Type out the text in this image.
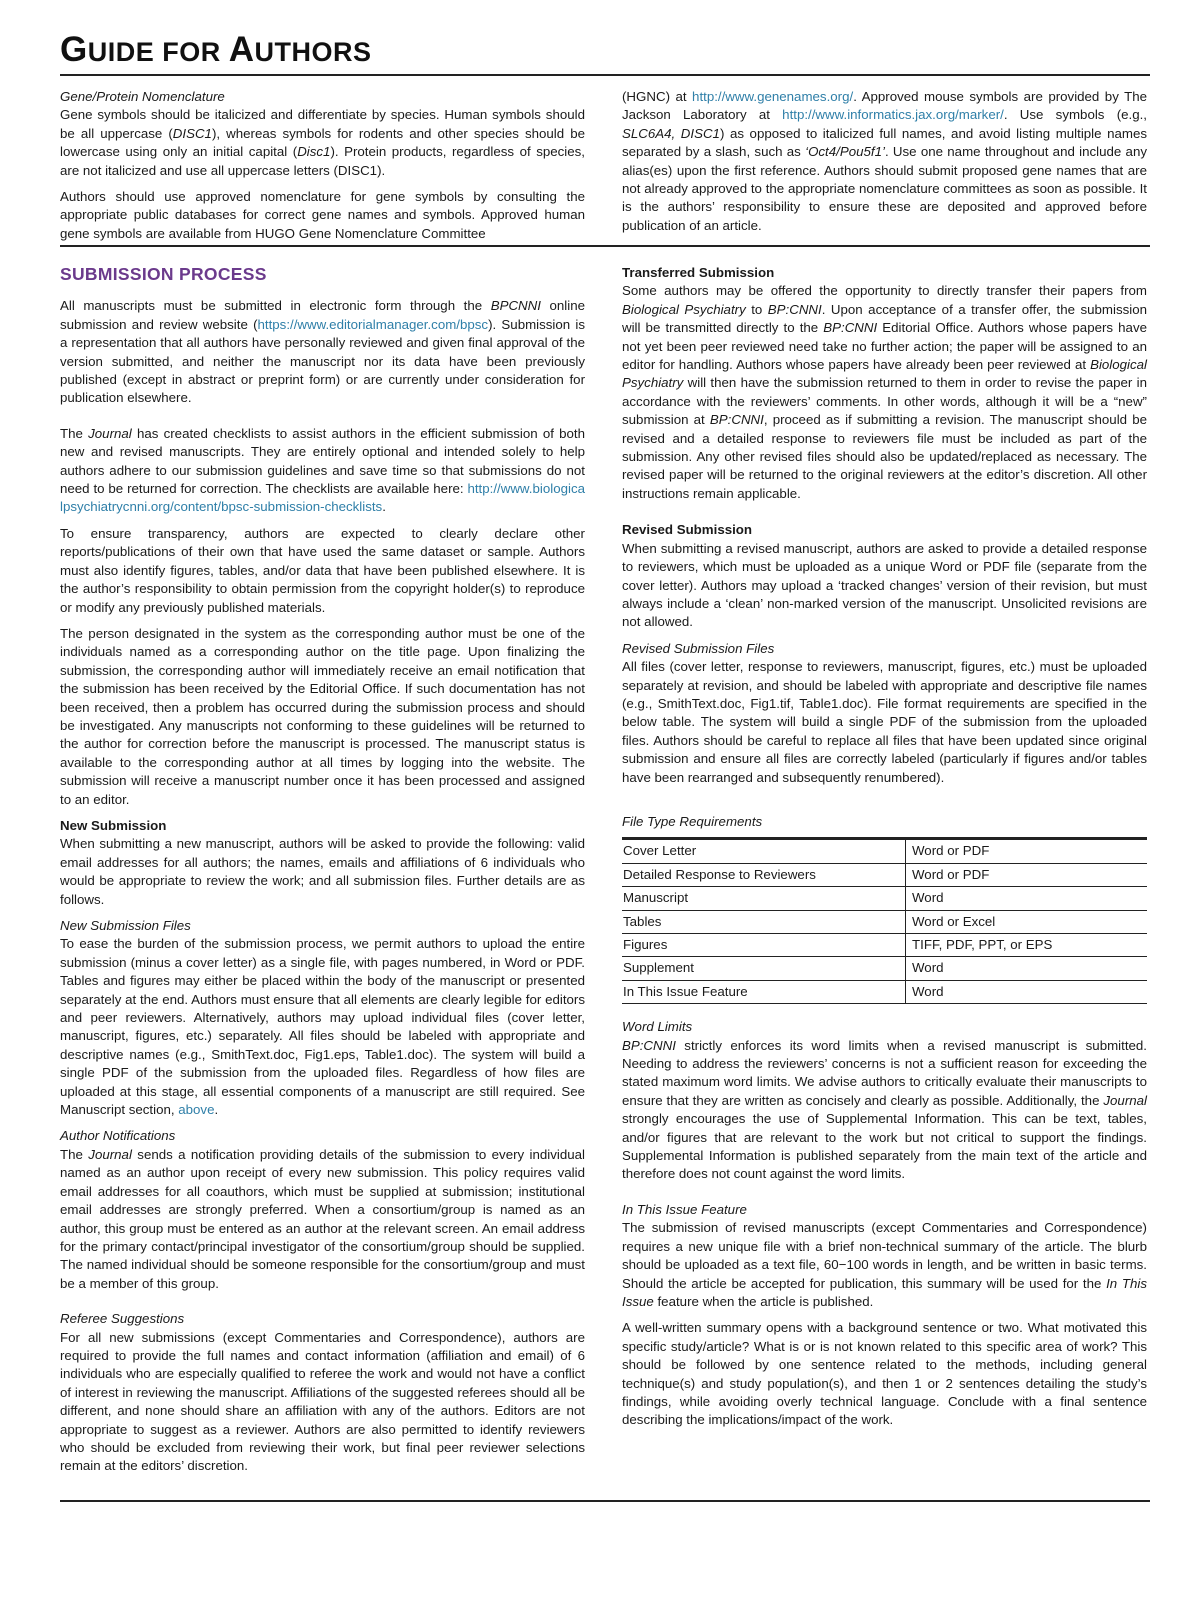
GUIDE FOR AUTHORS

Gene/Protein Nomenclature

Gene symbols should be italicized and differentiate by species. Human symbols should be all uppercase (DISC1), whereas symbols for rodents and other species should be lowercase using only an initial capital (Disc1). Protein products, regardless of species, are not italicized and use all uppercase letters (DISC1).

Authors should use approved nomenclature for gene symbols by consulting the appropriate public databases for correct gene names and symbols. Approved human gene symbols are available from HUGO Gene Nomenclature Committee

(HGNC) at http://www.genenames.org/. Approved mouse symbols are provided by The Jackson Laboratory at http://www.informatics.jax.org/marker/. Use symbols (e.g., SLC6A4, DISC1) as opposed to italicized full names, and avoid listing multiple names separated by a slash, such as ‘Oct4/Pou5f1’. Use one name throughout and include any alias(es) upon the first reference. Authors should submit proposed gene names that are not already approved to the appropriate nomenclature committees as soon as possible. It is the authors’ responsibility to ensure these are deposited and approved before publication of an article.

SUBMISSION PROCESS

All manuscripts must be submitted in electronic form through the BPCNNI online submission and review website (https://www.editorialmanager.com/bpsc). Submission is a representation that all authors have personally reviewed and given final approval of the version submitted, and neither the manuscript nor its data have been previously published (except in abstract or preprint form) or are currently under consideration for publication elsewhere.

The Journal has created checklists to assist authors in the efficient submission of both new and revised manuscripts. They are entirely optional and intended solely to help authors adhere to our submission guidelines and save time so that submissions do not need to be returned for correction. The checklists are available here: http://www.biologicalpsychiatrycnni.org/content/bpsc-submission-checklists.

To ensure transparency, authors are expected to clearly declare other reports/publications of their own that have used the same dataset or sample. Authors must also identify figures, tables, and/or data that have been published elsewhere. It is the author’s responsibility to obtain permission from the copyright holder(s) to reproduce or modify any previously published materials.

The person designated in the system as the corresponding author must be one of the individuals named as a corresponding author on the title page. Upon finalizing the submission, the corresponding author will immediately receive an email notification that the submission has been received by the Editorial Office. If such documentation has not been received, then a problem has occurred during the submission process and should be investigated. Any manuscripts not conforming to these guidelines will be returned to the author for correction before the manuscript is processed. The manuscript status is available to the corresponding author at all times by logging into the website. The submission will receive a manuscript number once it has been processed and assigned to an editor.

New Submission

When submitting a new manuscript, authors will be asked to provide the following: valid email addresses for all authors; the names, emails and affiliations of 6 individuals who would be appropriate to review the work; and all submission files. Further details are as follows.

New Submission Files

To ease the burden of the submission process, we permit authors to upload the entire submission (minus a cover letter) as a single file, with pages numbered, in Word or PDF. Tables and figures may either be placed within the body of the manuscript or presented separately at the end. Authors must ensure that all elements are clearly legible for editors and peer reviewers. Alternatively, authors may upload individual files (cover letter, manuscript, figures, etc.) separately. All files should be labeled with appropriate and descriptive names (e.g., SmithText.doc, Fig1.eps, Table1.doc). The system will build a single PDF of the submission from the uploaded files. Regardless of how files are uploaded at this stage, all essential components of a manuscript are still required. See Manuscript section, above.

Author Notifications

The Journal sends a notification providing details of the submission to every individual named as an author upon receipt of every new submission. This policy requires valid email addresses for all coauthors, which must be supplied at submission; institutional email addresses are strongly preferred. When a consortium/group is named as an author, this group must be entered as an author at the relevant screen. An email address for the primary contact/principal investigator of the consortium/group should be supplied. The named individual should be someone responsible for the consortium/group and must be a member of this group.

Referee Suggestions

For all new submissions (except Commentaries and Correspondence), authors are required to provide the full names and contact information (affiliation and email) of 6 individuals who are especially qualified to referee the work and would not have a conflict of interest in reviewing the manuscript. Affiliations of the suggested referees should all be different, and none should share an affiliation with any of the authors. Editors are not appropriate to suggest as a reviewer. Authors are also permitted to identify reviewers who should be excluded from reviewing their work, but final peer reviewer selections remain at the editors’ discretion.

Transferred Submission

Some authors may be offered the opportunity to directly transfer their papers from Biological Psychiatry to BP:CNNI. Upon acceptance of a transfer offer, the submission will be transmitted directly to the BP:CNNI Editorial Office. Authors whose papers have not yet been peer reviewed need take no further action; the paper will be assigned to an editor for handling. Authors whose papers have already been peer reviewed at Biological Psychiatry will then have the submission returned to them in order to revise the paper in accordance with the reviewers’ comments. In other words, although it will be a “new” submission at BP:CNNI, proceed as if submitting a revision. The manuscript should be revised and a detailed response to reviewers file must be included as part of the submission. Any other revised files should also be updated/replaced as necessary. The revised paper will be returned to the original reviewers at the editor’s discretion. All other instructions remain applicable.

Revised Submission

When submitting a revised manuscript, authors are asked to provide a detailed response to reviewers, which must be uploaded as a unique Word or PDF file (separate from the cover letter). Authors may upload a ‘tracked changes’ version of their revision, but must always include a ‘clean’ non-marked version of the manuscript. Unsolicited revisions are not allowed.

Revised Submission Files

All files (cover letter, response to reviewers, manuscript, figures, etc.) must be uploaded separately at revision, and should be labeled with appropriate and descriptive file names (e.g., SmithText.doc, Fig1.tif, Table1.doc). File format requirements are specified in the below table. The system will build a single PDF of the submission from the uploaded files. Authors should be careful to replace all files that have been updated since original submission and ensure all files are correctly labeled (particularly if figures and/or tables have been rearranged and subsequently renumbered).

File Type Requirements

Cover Letter	Word or PDF
Detailed Response to Reviewers	Word or PDF
Manuscript	Word
Tables	Word or Excel
Figures	TIFF, PDF, PPT, or EPS
Supplement	Word
In This Issue Feature	Word

Word Limits

BP:CNNI strictly enforces its word limits when a revised manuscript is submitted. Needing to address the reviewers’ concerns is not a sufficient reason for exceeding the stated maximum word limits. We advise authors to critically evaluate their manuscripts to ensure that they are written as concisely and clearly as possible. Additionally, the Journal strongly encourages the use of Supplemental Information. This can be text, tables, and/or figures that are relevant to the work but not critical to support the findings. Supplemental Information is published separately from the main text of the article and therefore does not count against the word limits.

In This Issue Feature

The submission of revised manuscripts (except Commentaries and Correspondence) requires a new unique file with a brief non-technical summary of the article. The blurb should be uploaded as a text file, 60−100 words in length, and be written in basic terms. Should the article be accepted for publication, this summary will be used for the In This Issue feature when the article is published.

A well-written summary opens with a background sentence or two. What motivated this specific study/article? What is or is not known related to this specific area of work? This should be followed by one sentence related to the methods, including general technique(s) and study population(s), and then 1 or 2 sentences detailing the study’s findings, while avoiding overly technical language. Conclude with a final sentence describing the implications/impact of the work.
